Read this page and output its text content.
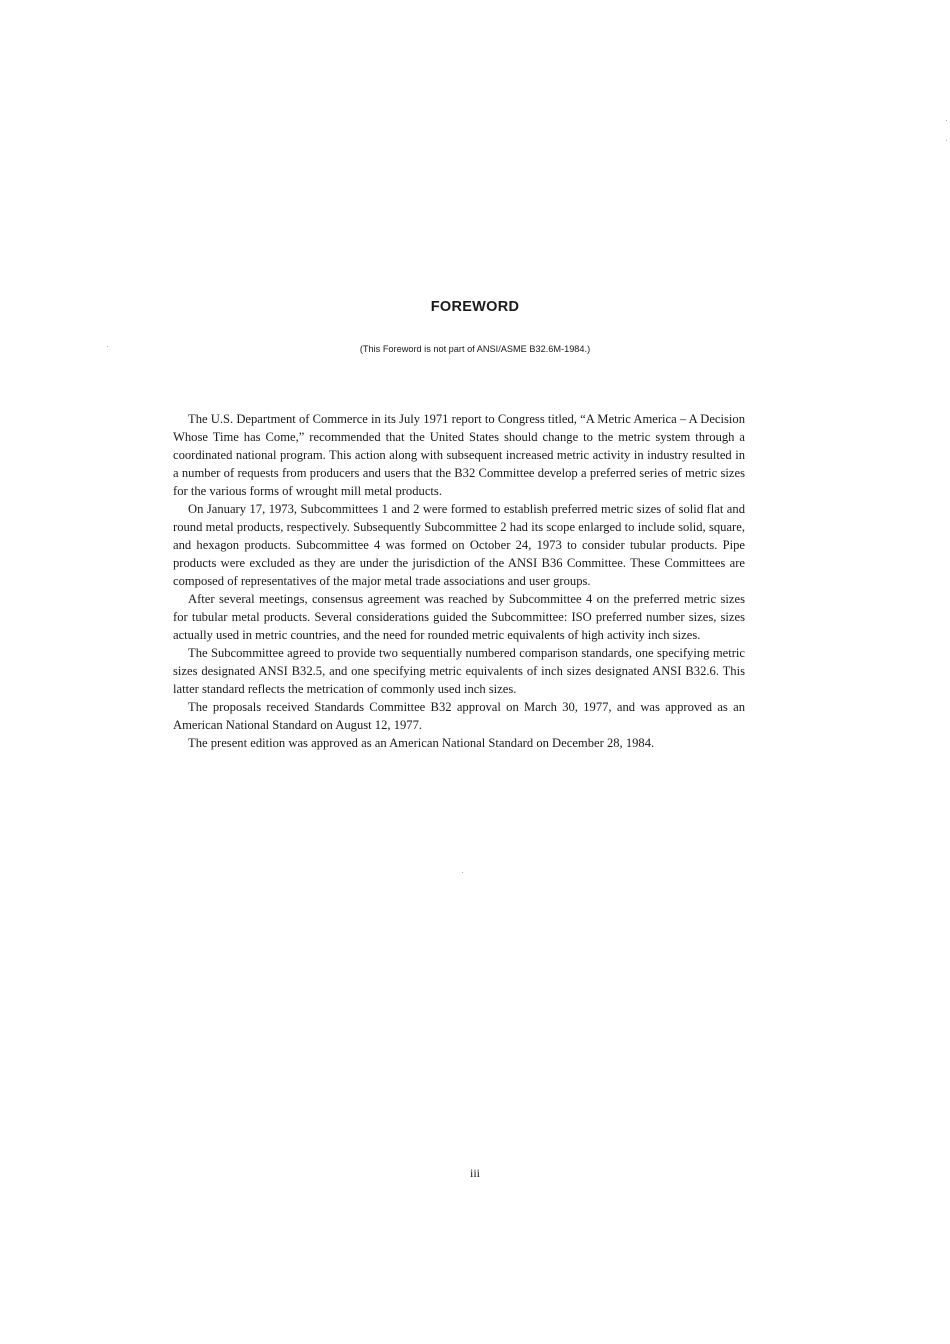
FOREWORD
(This Foreword is not part of ANSI/ASME B32.6M-1984.)

The U.S. Department of Commerce in its July 1971 report to Congress titled, “A Metric America – A Decision Whose Time has Come,” recommended that the United States should change to the metric system through a coordinated national program. This action along with subsequent increased metric activity in industry resulted in a number of requests from producers and users that the B32 Committee develop a preferred series of metric sizes for the various forms of wrought mill metal products.

On January 17, 1973, Subcommittees 1 and 2 were formed to establish preferred metric sizes of solid flat and round metal products, respectively. Subsequently Subcommittee 2 had its scope enlarged to include solid, square, and hexagon products. Subcommittee 4 was formed on October 24, 1973 to consider tubular products. Pipe products were excluded as they are under the jurisdiction of the ANSI B36 Committee. These Committees are composed of representatives of the major metal trade associations and user groups.

After several meetings, consensus agreement was reached by Subcommittee 4 on the preferred metric sizes for tubular metal products. Several considerations guided the Subcommittee: ISO preferred number sizes, sizes actually used in metric countries, and the need for rounded metric equivalents of high activity inch sizes.

The Subcommittee agreed to provide two sequentially numbered comparison standards, one specifying metric sizes designated ANSI B32.5, and one specifying metric equivalents of inch sizes designated ANSI B32.6. This latter standard reflects the metrication of commonly used inch sizes.

The proposals received Standards Committee B32 approval on March 30, 1977, and was approved as an American National Standard on August 12, 1977.

The present edition was approved as an American National Standard on December 28, 1984.

iii
